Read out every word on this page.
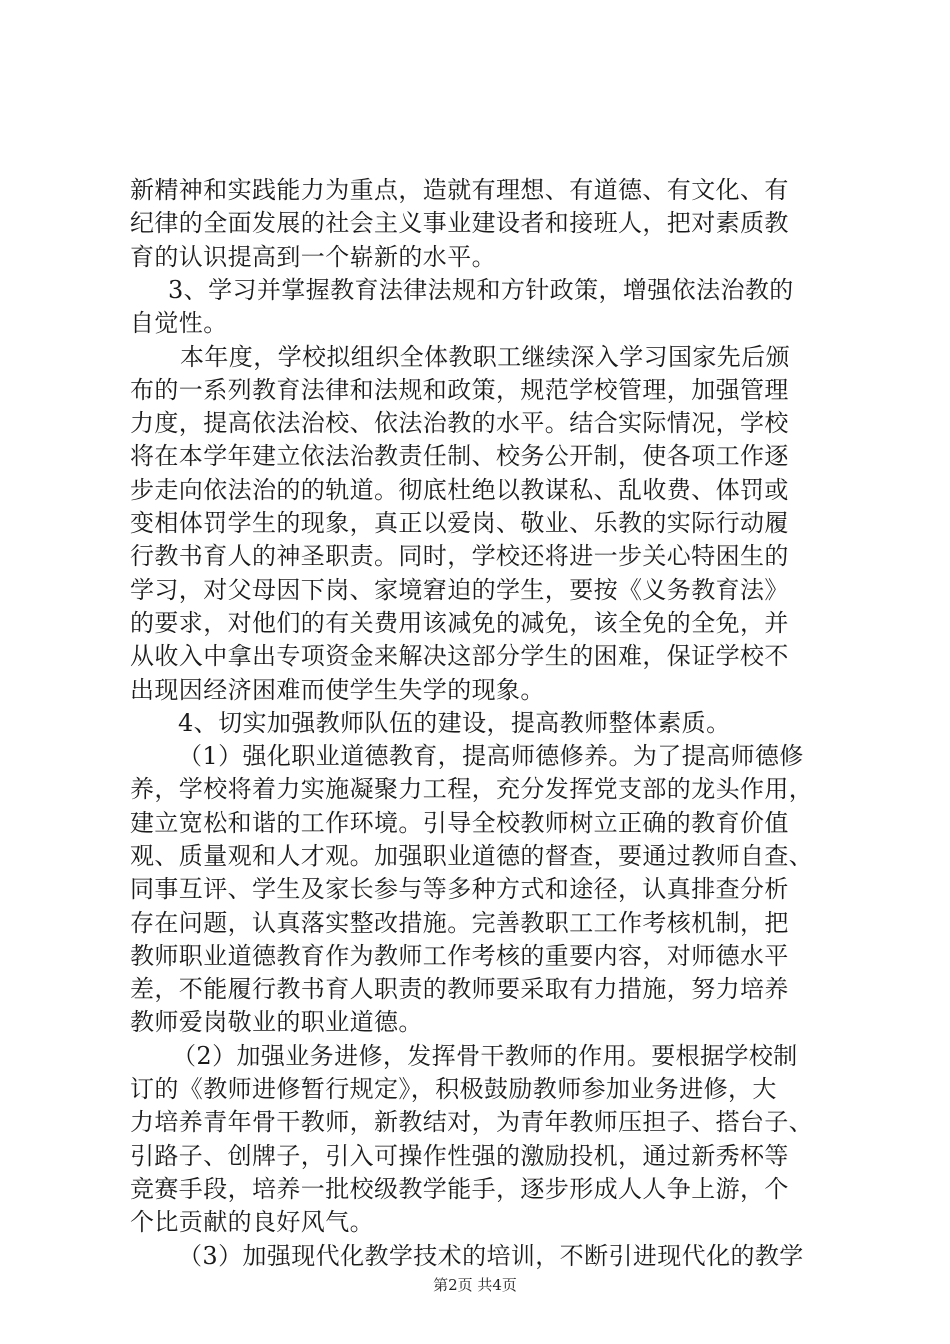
新精神和实践能力为重点，造就有理想、有道德、有文化、有
纪律的全面发展的社会主义事业建设者和接班人，把对素质教
育的认识提高到一个崭新的水平。
3、学习并掌握教育法律法规和方针政策，增强依法治教的
自觉性。
本年度，学校拟组织全体教职工继续深入学习国家先后颁
布的一系列教育法律和法规和政策，规范学校管理，加强管理
力度，提高依法治校、依法治教的水平。结合实际情况，学校
将在本学年建立依法治教责任制、校务公开制，使各项工作逐
步走向依法治的的轨道。彻底杜绝以教谋私、乱收费、体罚或
变相体罚学生的现象，真正以爱岗、敬业、乐教的实际行动履
行教书育人的神圣职责。同时，学校还将进一步关心特困生的
学习，对父母因下岗、家境窘迫的学生，要按《义务教育法》
的要求，对他们的有关费用该减免的减免，该全免的全免，并
从收入中拿出专项资金来解决这部分学生的困难，保证学校不
出现因经济困难而使学生失学的现象。
4、切实加强教师队伍的建设，提高教师整体素质。
（1）强化职业道德教育，提高师德修养。为了提高师德修
养，学校将着力实施凝聚力工程，充分发挥党支部的龙头作用，
建立宽松和谐的工作环境。引导全校教师树立正确的教育价值
观、质量观和人才观。加强职业道德的督查，要通过教师自查、
同事互评、学生及家长参与等多种方式和途径，认真排查分析
存在问题，认真落实整改措施。完善教职工工作考核机制，把
教师职业道德教育作为教师工作考核的重要内容，对师德水平
差，不能履行教书育人职责的教师要采取有力措施，努力培养
教师爱岗敬业的职业道德。
（2）加强业务进修，发挥骨干教师的作用。要根据学校制
订的《教师进修暂行规定》，积极鼓励教师参加业务进修，大
力培养青年骨干教师，新教结对，为青年教师压担子、搭台子、
引路子、创牌子，引入可操作性强的激励投机，通过新秀杯等
竞赛手段，培养一批校级教学能手，逐步形成人人争上游，个
个比贡献的良好风气。
（3）加强现代化教学技术的培训，不断引进现代化的教学
第2页 共4页
